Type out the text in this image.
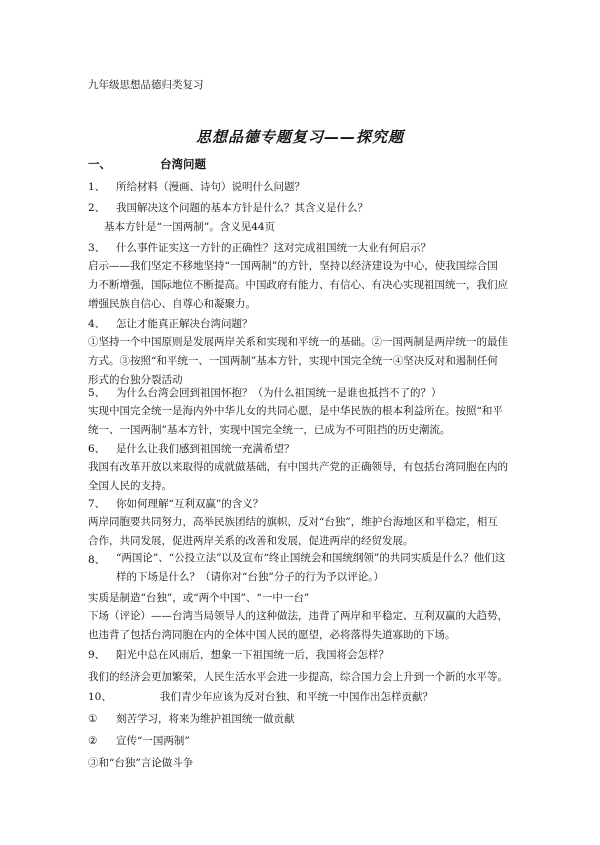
九年级思想品德归类复习
思想品德专题复习——探究题
一、	台湾问题
1、 所给材料（漫画、诗句）说明什么问题？
2、 我国解决这个问题的基本方针是什么？其含义是什么？
基本方针是“一国两制”。含义见44页
3、 什么事件证实这一方针的正确性？这对完成祖国统一大业有何启示？
启示——我们坚定不移地坚持“一国两制”的方针，坚持以经济建设为中心，使我国综合国力不断增强，国际地位不断提高。中国政府有能力、有信心、有决心实现祖国统一，我们应增强民族自信心、自尊心和凝聚力。
4、 怎让才能真正解决台湾问题？
①坚持一个中国原则是发展两岸关系和实现和平统一的基础。②一国两制是两岸统一的最佳方式。③按照“和平统一、一国两制”基本方针，实现中国完全统一④坚决反对和遏制任何形式的台独分裂活动
5、 为什么台湾会回到祖国怀抱？（为什么祖国统一是谁也抵挡不了的？）
实现中国完全统一是海内外中华儿女的共同心愿，是中华民族的根本利益所在。按照“和平统一、一国两制”基本方针，实现中国完全统一，已成为不可阻挡的历史潮流。
6、 是什么让我们感到祖国统一充满希望？
我国有改革开放以来取得的成就做基础，有中国共产党的正确领导，有包括台湾同胞在内的全国人民的支持。
7、 你如何理解“互利双赢”的含义？
两岸同胞要共同努力，高举民族团结的旗帜，反对“台独”，维护台海地区和平稳定，相互合作，共同发展，促进两岸关系的改善和发展，促进两岸的经贸发展。
8、 “两国论”、“公投立法”以及宣布“终止国统会和国统纲领”的共同实质是什么？他们这样的下场是什么？（请你对“台独”分子的行为予以评论。）
实质是制造“台独”，或“两个中国”、“一中一台”
下场（评论）——台湾当局领导人的这种做法，违背了两岸和平稳定、互利双赢的大趋势，也违背了包括台湾同胞在内的全体中国人民的愿望，必将落得失道寡助的下场。
9、 阳光中总在风雨后，想象一下祖国统一后，我国将会怎样？
我们的经济会更加繁荣，人民生活水平会进一步提高，综合国力会上升到一个新的水平等。
10、	我们青少年应该为反对台独、和平统一中国作出怎样贡献？
① 刻苦学习，将来为维护祖国统一做贡献
② 宣传“一国两制”
③和“台独”言论做斗争
